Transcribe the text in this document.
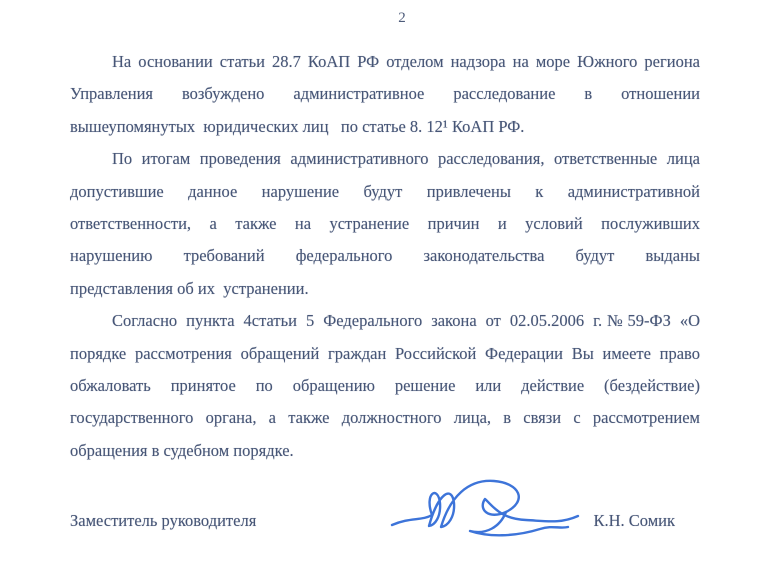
2
На основании статьи 28.7 КоАП РФ отделом надзора на море Южного региона
Управления возбуждено административное расследование в отношении
вышеупомянутых  юридических лиц   по статье 8. 12¹ КоАП РФ.
По итогам проведения административного расследования, ответственные лица
допустившие данное нарушение будут привлечены к административной
ответственности, а также на устранение причин и условий послуживших
нарушению требований федерального законодательства будут выданы
представления об их  устранении.
Согласно пункта 4статьи 5 Федерального закона от 02.05.2006 г.№59-ФЗ «О
порядке рассмотрения обращений граждан Российской Федерации Вы имеете право
обжаловать принятое по обращению решение или действие (бездействие)
государственного органа, а также должностного лица, в связи с рассмотрением
обращения в судебном порядке.
Заместитель руководителя	К.Н. Сомик
